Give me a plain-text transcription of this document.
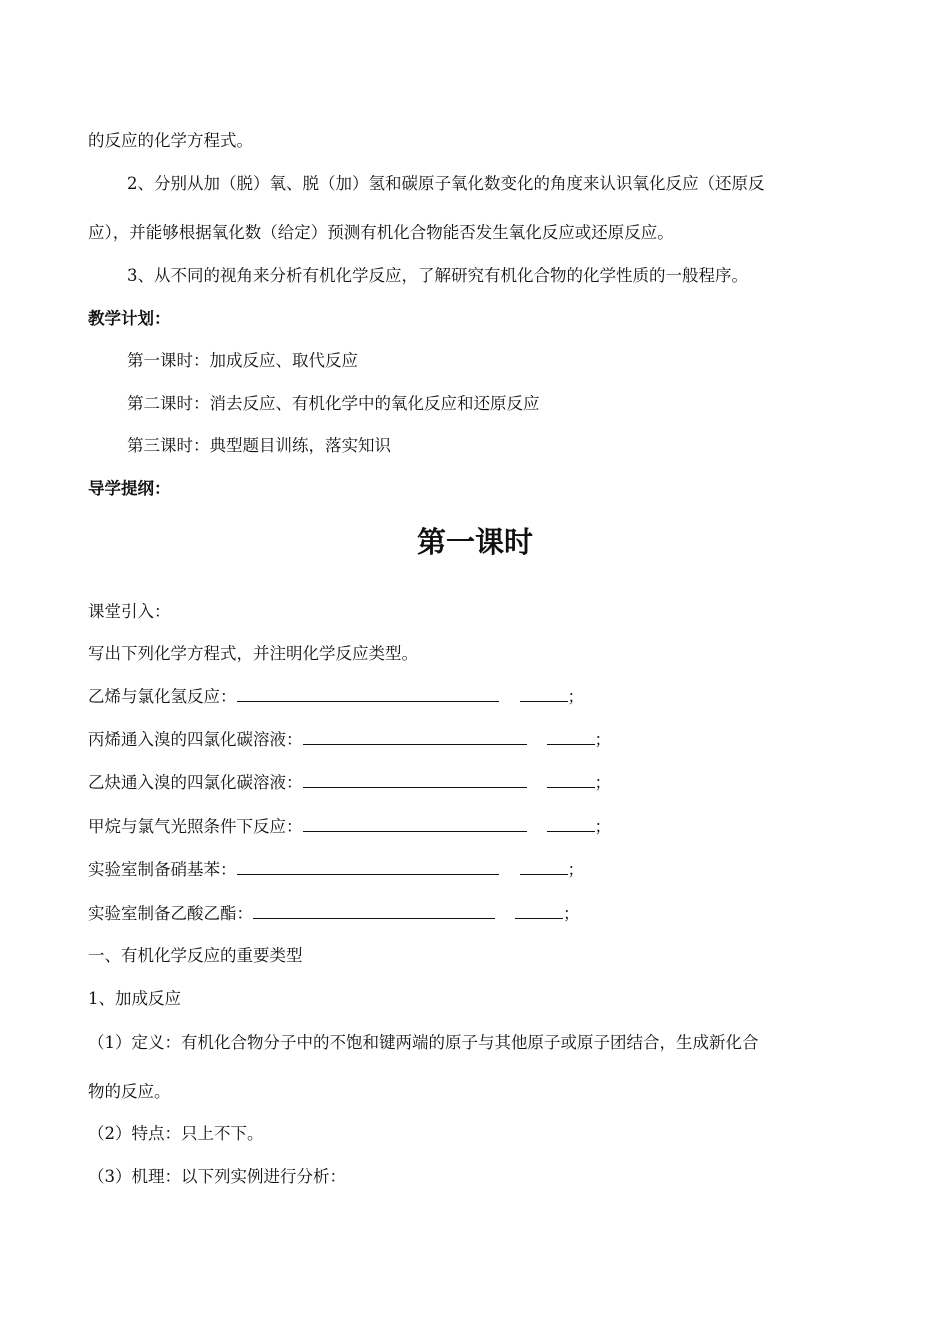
的反应的化学方程式。
2、分别从加（脱）氧、脱（加）氢和碳原子氧化数变化的角度来认识氧化反应（还原反
应），并能够根据氧化数（给定）预测有机化合物能否发生氧化反应或还原反应。
3、从不同的视角来分析有机化学反应，了解研究有机化合物的化学性质的一般程序。
教学计划：
第一课时：加成反应、取代反应
第二课时：消去反应、有机化学中的氧化反应和还原反应
第三课时：典型题目训练，落实知识
导学提纲：
第一课时
课堂引入：
写出下列化学方程式，并注明化学反应类型。
乙烯与氯化氢反应：	；
丙烯通入溴的四氯化碳溶液：	；
乙炔通入溴的四氯化碳溶液：	；
甲烷与氯气光照条件下反应：	；
实验室制备硝基苯：	；
实验室制备乙酸乙酯：	；
一、有机化学反应的重要类型
1、加成反应
（1）定义：有机化合物分子中的不饱和键两端的原子与其他原子或原子团结合，生成新化合
物的反应。
（2）特点：只上不下。
（3）机理：以下列实例进行分析：
